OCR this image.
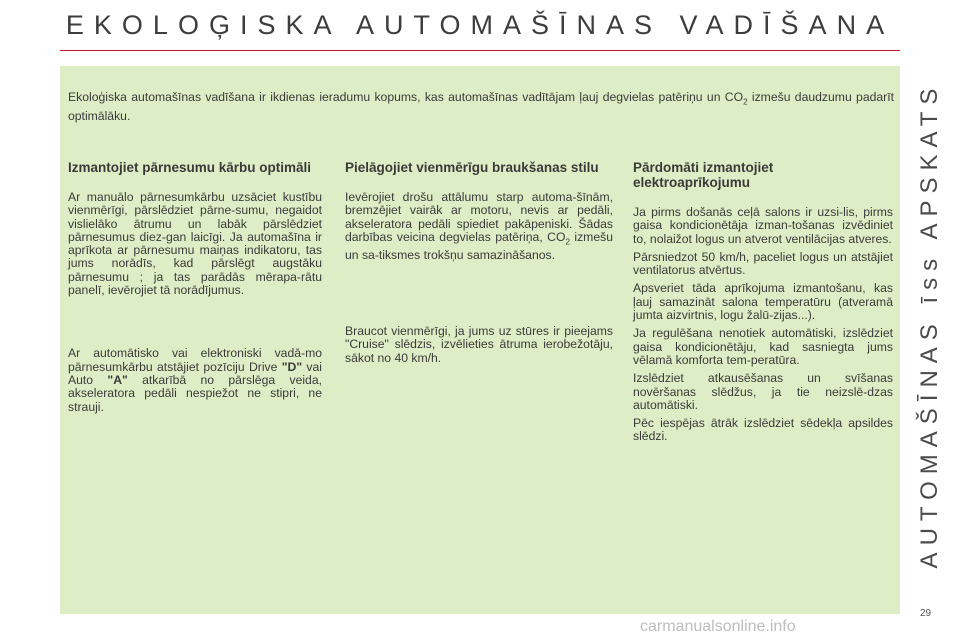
EKOLOĢISKA AUTOMAŠĪNAS VADĪŠANA
Ekoloģiska automašīnas vadīšana ir ikdienas ieradumu kopums, kas automašīnas vadītājam ļauj degvielas patēriņu un $CO_2$ izmešu daudzumu padarīt optimālāku.
Izmantojiet pārnesumu kārbu optimāli

Ar manuālo pārnesumkārbu uzsāciet kustību vienmērīgi, pārslēdziet pārne-sumu, negaidot vislielāko ātrumu un labāk pārslēdziet pārnesumus diez-gan laicīgi. Ja automašīna ir aprīkota ar pārnesumu maiņas indikatoru, tas jums norādīs, kad pārslēgt augstāku pārnesumu ; ja tas parādās mērapa-rātu panelī, ievērojiet tā norādījumus.

Ar automātisko vai elektroniski vadā-mo pārnesumkārbu atstājiet pozīciju Drive "D" vai Auto "A" atkarībā no pārslēga veida, akseleratora pedāli nespiežot ne stipri, ne strauji.

Pielāgojiet vienmērīgu braukšanas stilu

Ievērojiet drošu attālumu starp automa-šīnām, bremzējiet vairāk ar motoru, nevis ar pedāli, akseleratora pedāli spiediet pakāpeniski. Šādas darbības veicina degvielas patēriņa, $CO_2$ izmešu un sa-tiksmes trokšņu samazināšanos.

Braucot vienmērīgi, ja jums uz stūres ir pieejams "Cruise" slēdzis, izvēlieties ātruma ierobežotāju, sākot no 40 km/h.

Pārdomāti izmantojiet elektroaprīkojumu

Ja pirms došanās ceļā salons ir uzsi-lis, pirms gaisa kondicionētāja izman-tošanas izvēdiniet to, nolaižot logus un atverot ventilācijas atveres.

Pārsniedzot 50 km/h, paceliet logus un atstājiet ventilatorus atvērtus.

Apsveriet tāda aprīkojuma izmantošanu, kas ļauj samazināt salona temperatūru (atveramā jumta aizvirtnis, logu žalū-zijas...).

Ja regulēšana nenotiek automātiski, izslēdziet gaisa kondicionētāju, kad sasniegta jums vēlamā komforta tem-peratūra.

Izslēdziet atkausēšanas un svīšanas novēršanas slēdžus, ja tie neizslē-dzas automātiski.

Pēc iespējas ātrāk izslēdziet sēdekļa apsildes slēdzi.	AUTOMAŠĪNAS īss APSKATS
29
carmanualsonline.info
